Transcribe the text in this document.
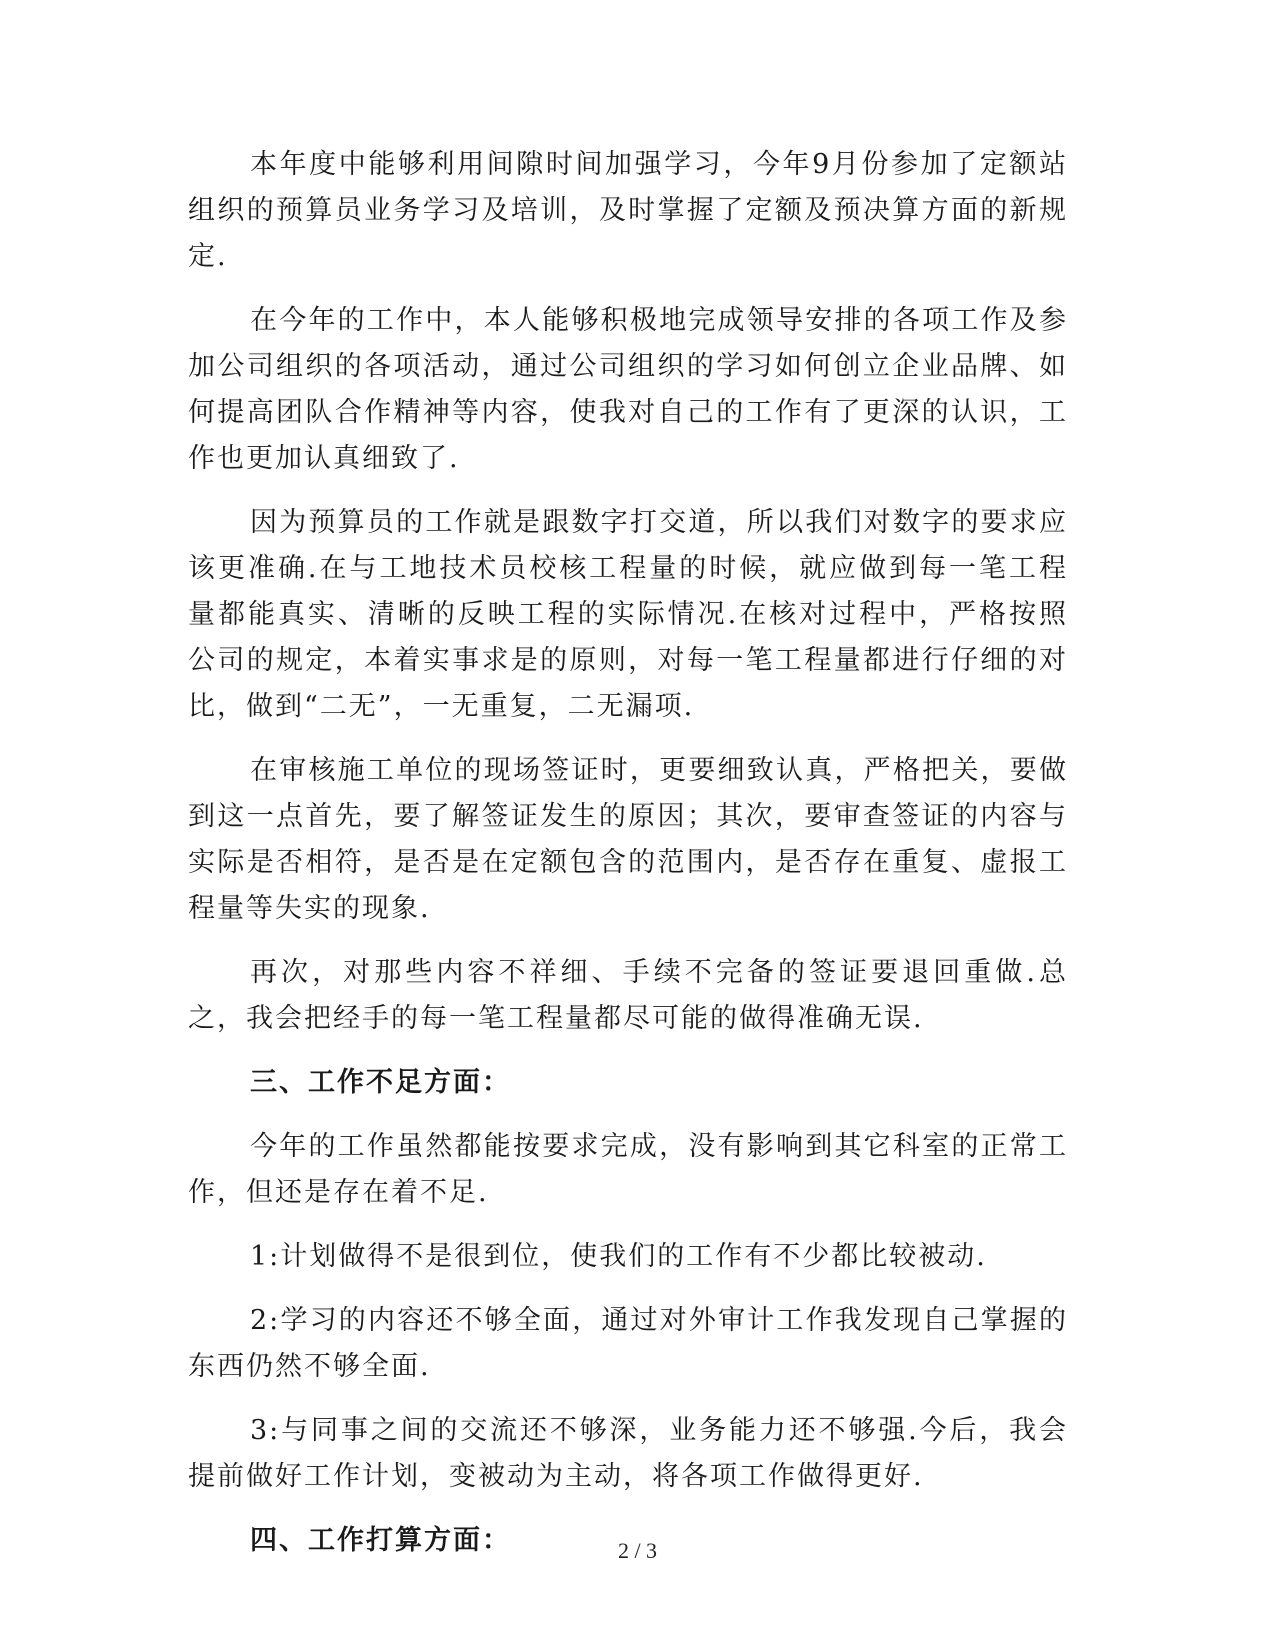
本年度中能够利用间隙时间加强学习，今年9月份参加了定额站组织的预算员业务学习及培训，及时掌握了定额及预决算方面的新规定.

在今年的工作中，本人能够积极地完成领导安排的各项工作及参加公司组织的各项活动，通过公司组织的学习如何创立企业品牌、如何提高团队合作精神等内容，使我对自己的工作有了更深的认识，工作也更加认真细致了.

因为预算员的工作就是跟数字打交道，所以我们对数字的要求应该更准确.在与工地技术员校核工程量的时候，就应做到每一笔工程量都能真实、清晰的反映工程的实际情况.在核对过程中，严格按照公司的规定，本着实事求是的原则，对每一笔工程量都进行仔细的对比，做到“二无”，一无重复，二无漏项.

在审核施工单位的现场签证时，更要细致认真，严格把关，要做到这一点首先，要了解签证发生的原因；其次，要审查签证的内容与实际是否相符，是否是在定额包含的范围内，是否存在重复、虚报工程量等失实的现象.

再次，对那些内容不祥细、手续不完备的签证要退回重做.总之，我会把经手的每一笔工程量都尽可能的做得准确无误.

三、工作不足方面：

今年的工作虽然都能按要求完成，没有影响到其它科室的正常工作，但还是存在着不足.

1:计划做得不是很到位，使我们的工作有不少都比较被动.

2:学习的内容还不够全面，通过对外审计工作我发现自己掌握的东西仍然不够全面.

3:与同事之间的交流还不够深，业务能力还不够强.今后，我会提前做好工作计划，变被动为主动，将各项工作做得更好.

四、工作打算方面：	2 / 3
